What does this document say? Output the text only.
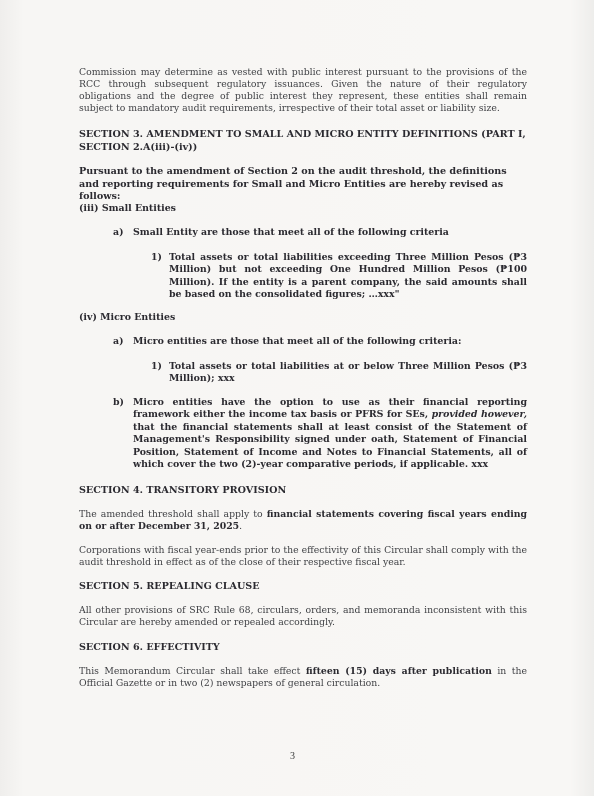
Commission may determine as vested with public interest pursuant to the provisions of the RCC through subsequent regulatory issuances. Given the nature of their regulatory obligations and the degree of public interest they represent, these entities shall remain subject to mandatory audit requirements, irrespective of their total asset or liability size.

SECTION 3. AMENDMENT TO SMALL AND MICRO ENTITY DEFINITIONS (PART I, SECTION 2.A(iii)-(iv))

Pursuant to the amendment of Section 2 on the audit threshold, the definitions and reporting requirements for Small and Micro Entities are hereby revised as follows:

(iii) Small Entities
a) Small Entity are those that meet all of the following criteria
1) Total assets or total liabilities exceeding Three Million Pesos (₱3 Million) but not exceeding One Hundred Million Pesos (₱100 Million). If the entity is a parent company, the said amounts shall be based on the consolidated figures; …xxx"
(iv) Micro Entities
a) Micro entities are those that meet all of the following criteria:
1) Total assets or total liabilities at or below Three Million Pesos (₱3 Million); xxx
b) Micro entities have the option to use as their financial reporting framework either the income tax basis or PFRS for SEs, provided however, that the financial statements shall at least consist of the Statement of Management's Responsibility signed under oath, Statement of Financial Position, Statement of Income and Notes to Financial Statements, all of which cover the two (2)-year comparative periods, if applicable. xxx

SECTION 4. TRANSITORY PROVISION

The amended threshold shall apply to financial statements covering fiscal years ending on or after December 31, 2025.

Corporations with fiscal year-ends prior to the effectivity of this Circular shall comply with the audit threshold in effect as of the close of their respective fiscal year.

SECTION 5. REPEALING CLAUSE

All other provisions of SRC Rule 68, circulars, orders, and memoranda inconsistent with this Circular are hereby amended or repealed accordingly.

SECTION 6. EFFECTIVITY

This Memorandum Circular shall take effect fifteen (15) days after publication in the Official Gazette or in two (2) newspapers of general circulation.

3
